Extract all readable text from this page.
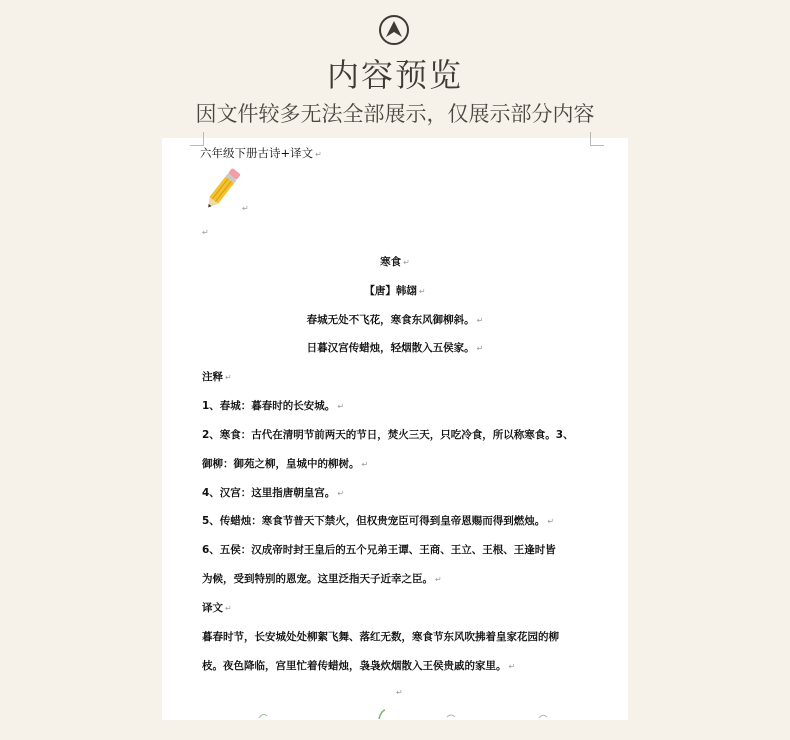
内容预览
因文件较多无法全部展示，仅展示部分内容
六年级下册古诗+译文 ↵
↵
↵
寒食 ↵
【唐】韩翃 ↵
春城无处不飞花，寒食东风御柳斜。 ↵
日暮汉宫传蜡烛，轻烟散入五侯家。 ↵
注释 ↵
1、春城：暮春时的长安城。 ↵
2、寒食：古代在清明节前两天的节日，焚火三天，只吃冷食，所以称寒食。3、
御柳：御苑之柳，皇城中的柳树。 ↵
4、汉宫：这里指唐朝皇宫。 ↵
5、传蜡烛：寒食节普天下禁火，但权贵宠臣可得到皇帝恩赐而得到燃烛。 ↵
6、五侯：汉成帝时封王皇后的五个兄弟王谭、王商、王立、王根、王逢时皆
为候，受到特别的恩宠。这里泛指天子近幸之臣。 ↵
译文 ↵
暮春时节，长安城处处柳絮飞舞、落红无数，寒食节东风吹拂着皇家花园的柳
枝。夜色降临，宫里忙着传蜡烛，袅袅炊烟散入王侯贵戚的家里。 ↵
↵
